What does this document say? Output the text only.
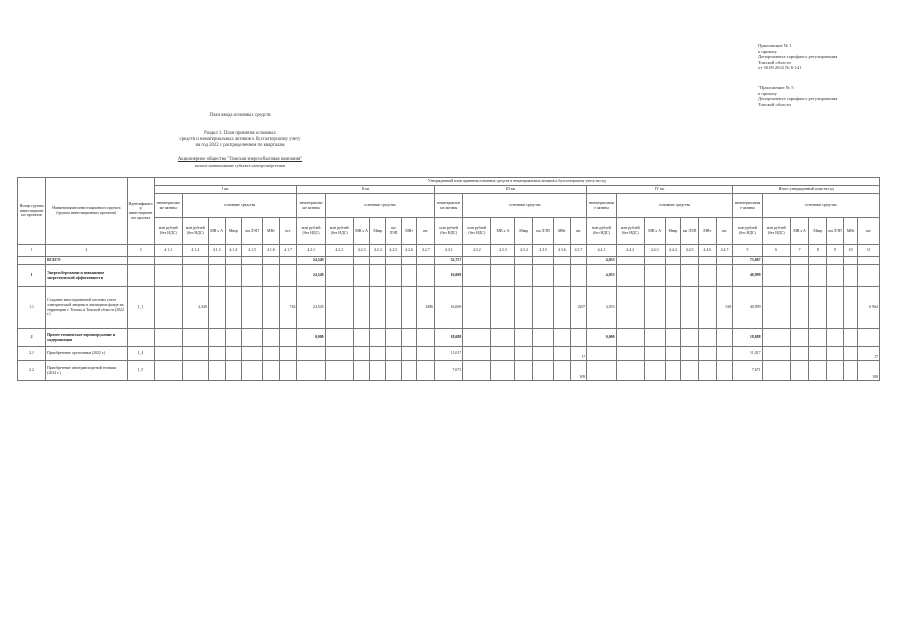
Приложение № 1
к приказу
Департамента тарифного регулирования
Томской области
от 30.09.2022 № 6-141
"Приложение № 5
к приказу
Департамента тарифного регулирования
Томской области
План ввода основных средств
Раздел 1. План принятия основных
средств и нематериальных активов к бухгалтерскому учету
на год 2022 с распределением по кварталам
Акционерное общество "Томская энергосбытовая компания"
полное наименование субъекта электроэнергетики
Номер группы инвестиционных проектов	Наименование инвестиционного проекта (группы инвестиционных проектов)	Идентификатор инвестиционного проекта	Утвержденный план принятия основных средств и нематериальных активов к бухгалтерскому учету на год																																		
			I кв.							II кв.							III кв.							IV кв.							Итого утвержденный план на год						
			нематериальные активы	основные средства						нематериальные активы	основные средства						нематериальные активы	основные средства						нематериальные активы	основные средства						нематериальные активы	основные средства					
			млн рублей (без НДС)	млн рублей (без НДС)	МВ x А	Мвар	км ЛЭП	МВт	шт.	млн рублей (без НДС)	млн рублей (без НДС)	МВ x А	Мвар	км ЛЭП	МВт	шт.	млн рублей (без НДС)	млн рублей (без НДС)	МВ x А	Мвар	км ЛЭП	МВт	шт.	млн рублей (без НДС)	млн рублей (без НДС)	МВ x А	Мвар	км ЛЭП	МВт	шт.	млн рублей (без НДС)	млн рублей (без НДС)	МВ x A	Мвар	км ЛЭП	МВт	шт.
1	2	3	4.1.1	4.1.2	4.1.3	4.1.4	4.1.5	4.1.6	4.1.7	4.2.1	4.2.2	4.2.3	4.2.4	4.2.5	4.2.6	4.2.7	4.3.1	4.3.2	4.3.3	4.3.4	4.3.5	4.3.6	4.3.7	4.4.1	4.4.2	4.4.3	4.4.4	4.4.5	4.4.6	4.4.7	5	6	7	8	9	10	11
	ВСЕГО									24,549							32,757							4,053							73,687						
1	Энергосбережение и повышение энергетической эффективности									24,549							16,069							4,053							40,999						
1.1	Создание многоуровневой системы учета электрической энергии в жилищном фонде на территории г. Томска и Томской области (2022 г.)	I_1		2,349					743	24,545						3486	16,069						2207	4,053						529	40,999						6 964
2	Прочее техническое перевооружение и модернизация									0,000							18,688							0,000							18,688						
2.1	Приобретение оргтехники (2022 г.)	I_4															11,017						17								11,017						17
2.2	Приобретение автотранспортной техники (2022 г.)	I_5															7,671						309								7,671						108
